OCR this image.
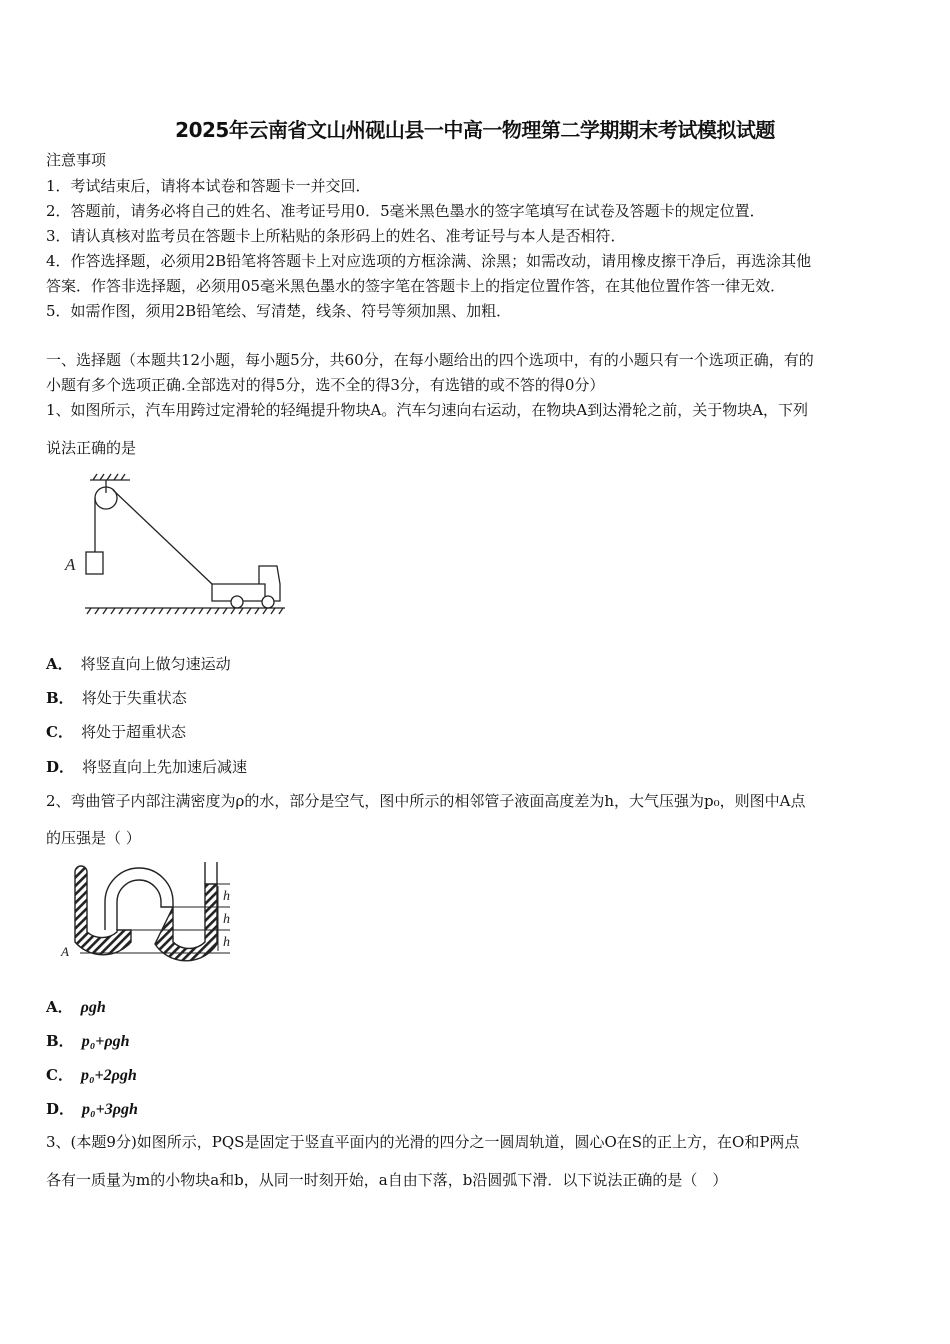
2025年云南省文山州砚山县一中高一物理第二学期期末考试模拟试题
注意事项
1．考试结束后，请将本试卷和答题卡一并交回．
2．答题前，请务必将自己的姓名、准考证号用0．5毫米黑色墨水的签字笔填写在试卷及答题卡的规定位置．
3．请认真核对监考员在答题卡上所粘贴的条形码上的姓名、准考证号与本人是否相符．
4．作答选择题，必须用2B铅笔将答题卡上对应选项的方框涂满、涂黑；如需改动，请用橡皮擦干净后，再选涂其他
答案．作答非选择题，必须用05毫米黑色墨水的签字笔在答题卡上的指定位置作答，在其他位置作答一律无效．
5．如需作图，须用2B铅笔绘、写清楚，线条、符号等须加黑、加粗．
一、选择题（本题共12小题，每小题5分，共60分，在每小题给出的四个选项中，有的小题只有一个选项正确，有的
小题有多个选项正确.全部选对的得5分，选不全的得3分，有选错的或不答的得0分）
1、如图所示，汽车用跨过定滑轮的轻绳提升物块A。汽车匀速向右运动，在物块A到达滑轮之前，关于物块A，下列
说法正确的是
A
A． 将竖直向上做匀速运动
B． 将处于失重状态
C． 将处于超重状态
D． 将竖直向上先加速后减速
2、弯曲管子内部注满密度为ρ的水，部分是空气，图中所示的相邻管子液面高度差为h，大气压强为p₀，则图中A点
的压强是（ ）
h
h
h
A
A． ρgh
B． p₀+ρgh
C． p₀+2ρgh
D． p₀+3ρgh
3、(本题9分)如图所示，PQS是固定于竖直平面内的光滑的四分之一圆周轨道，圆心O在S的正上方，在O和P两点
各有一质量为m的小物块a和b，从同一时刻开始，a自由下落，b沿圆弧下滑．以下说法正确的是（　）
